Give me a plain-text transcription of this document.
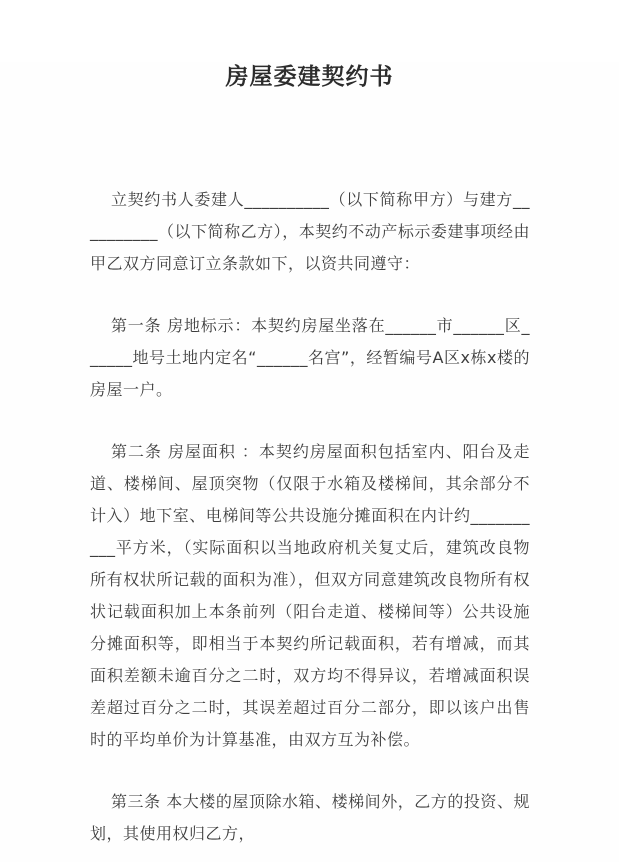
房屋委建契约书

立契约书人委建人__________（以下简称甲方）与建方__________（以下简称乙方），本契约不动产标示委建事项经由甲乙双方同意订立条款如下，以资共同遵守：

第一条 房地标示：本契约房屋坐落在______市______区______地号土地内定名“______名宫”，经暂编号A区x栋x楼的房屋一户。

第二条 房屋面积 ：本契约房屋面积包括室内、阳台及走道、楼梯间、屋顶突物（仅限于水箱及楼梯间，其余部分不计入）地下室、电梯间等公共设施分摊面积在内计约__________平方米，（实际面积以当地政府机关复丈后，建筑改良物所有权状所记载的面积为准），但双方同意建筑改良物所有权状记载面积加上本条前列（阳台走道、楼梯间等）公共设施分摊面积等，即相当于本契约所记载面积，若有增减，而其面积差额未逾百分之二时，双方均不得异议，若增减面积误差超过百分之二时，其误差超过百分二部分，即以该户出售时的平均单价为计算基准，由双方互为补偿。

第三条 本大楼的屋顶除水箱、楼梯间外，乙方的投资、规划，其使用权归乙方，
